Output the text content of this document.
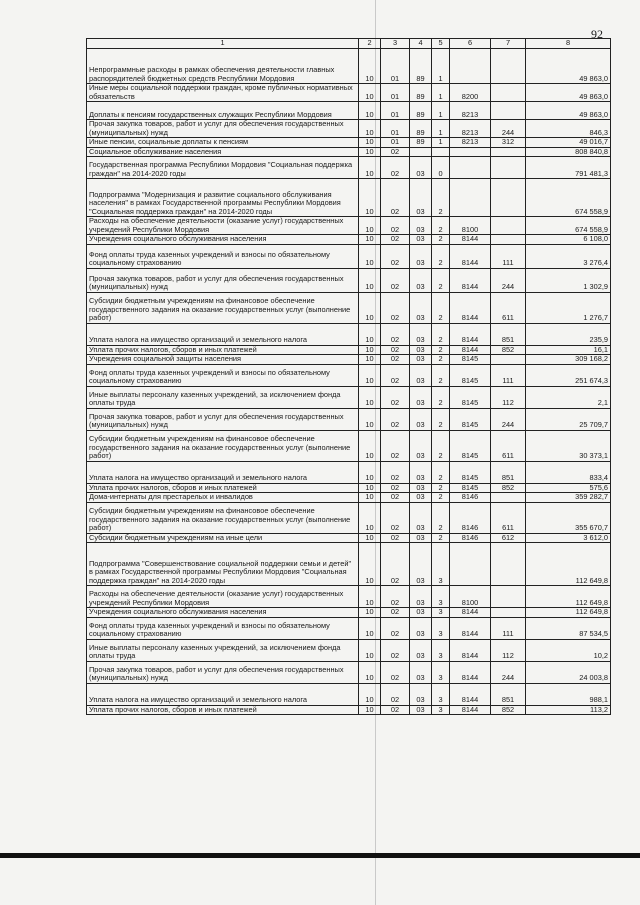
92
1	2	3	4	5	6	7	8
Непрограммные расходы в рамках обеспечения деятельности главных распорядителей бюджетных средств Республики Мордовия	10	01	89	1			49 863,0
Иные меры социальной поддержки граждан, кроме публичных нормативных обязательств	10	01	89	1	8200		49 863,0
Доплаты к пенсиям государственных служащих Республики Мордовия	10	01	89	1	8213		49 863,0
Прочая закупка товаров, работ и услуг для обеспечения государственных (муниципальных) нужд	10	01	89	1	8213	244	846,3
Иные пенсии, социальные доплаты к пенсиям	10	01	89	1	8213	312	49 016,7
Социальное обслуживание населения	10	02					808 840,8
Государственная программа Республики Мордовия "Социальная поддержка граждан" на 2014-2020 годы	10	02	03	0			791 481,3
Подпрограмма "Модернизация и развитие социального обслуживания населения" в рамках Государственной программы Республики Мордовия "Социальная поддержка граждан" на 2014-2020 годы	10	02	03	2			674 558,9
Расходы на обеспечение деятельности (оказание услуг) государственных учреждений Республики Мордовия	10	02	03	2	8100		674 558,9
Учреждения социального обслуживания населения	10	02	03	2	8144		6 108,0
Фонд оплаты труда казенных учреждений и взносы по обязательному социальному страхованию	10	02	03	2	8144	111	3 276,4
Прочая закупка товаров, работ и услуг для обеспечения государственных (муниципальных) нужд	10	02	03	2	8144	244	1 302,9
Субсидии бюджетным учреждениям на финансовое обеспечение государственного задания на оказание государственных услуг (выполнение работ)	10	02	03	2	8144	611	1 276,7
Уплата налога на имущество организаций и земельного налога	10	02	03	2	8144	851	235,9
Уплата прочих налогов, сборов и иных платежей	10	02	03	2	8144	852	16,1
Учреждения социальной защиты населения	10	02	03	2	8145		309 168,2
Фонд оплаты труда казенных учреждений и взносы по обязательному социальному страхованию	10	02	03	2	8145	111	251 674,3
Иные выплаты персоналу казенных учреждений, за исключением фонда оплаты труда	10	02	03	2	8145	112	2,1
Прочая закупка товаров, работ и услуг для обеспечения государственных (муниципальных) нужд	10	02	03	2	8145	244	25 709,7
Субсидии бюджетным учреждениям на финансовое обеспечение государственного задания на оказание государственных услуг (выполнение работ)	10	02	03	2	8145	611	30 373,1
Уплата налога на имущество организаций и земельного налога	10	02	03	2	8145	851	833,4
Уплата прочих налогов, сборов и иных платежей	10	02	03	2	8145	852	575,6
Дома-интернаты для престарелых и инвалидов	10	02	03	2	8146		359 282,7
Субсидии бюджетным учреждениям на финансовое обеспечение государственного задания на оказание государственных услуг (выполнение работ)	10	02	03	2	8146	611	355 670,7
Субсидии бюджетным учреждениям на иные цели	10	02	03	2	8146	612	3 612,0
Подпрограмма "Совершенствование социальной поддержки семьи и детей" в рамках Государственной программы Республики Мордовия "Социальная поддержка граждан" на 2014-2020 годы	10	02	03	3			112 649,8
Расходы на обеспечение деятельности (оказание услуг) государственных учреждений Республики Мордовия	10	02	03	3	8100		112 649,8
Учреждения социального обслуживания населения	10	02	03	3	8144		112 649,8
Фонд оплаты труда казенных учреждений и взносы по обязательному социальному страхованию	10	02	03	3	8144	111	87 534,5
Иные выплаты персоналу казенных учреждений, за исключением фонда оплаты труда	10	02	03	3	8144	112	10,2
Прочая закупка товаров, работ и услуг для обеспечения государственных (муниципальных) нужд	10	02	03	3	8144	244	24 003,8
Уплата налога на имущество организаций и земельного налога	10	02	03	3	8144	851	988,1
Уплата прочих налогов, сборов и иных платежей	10	02	03	3	8144	852	113,2
